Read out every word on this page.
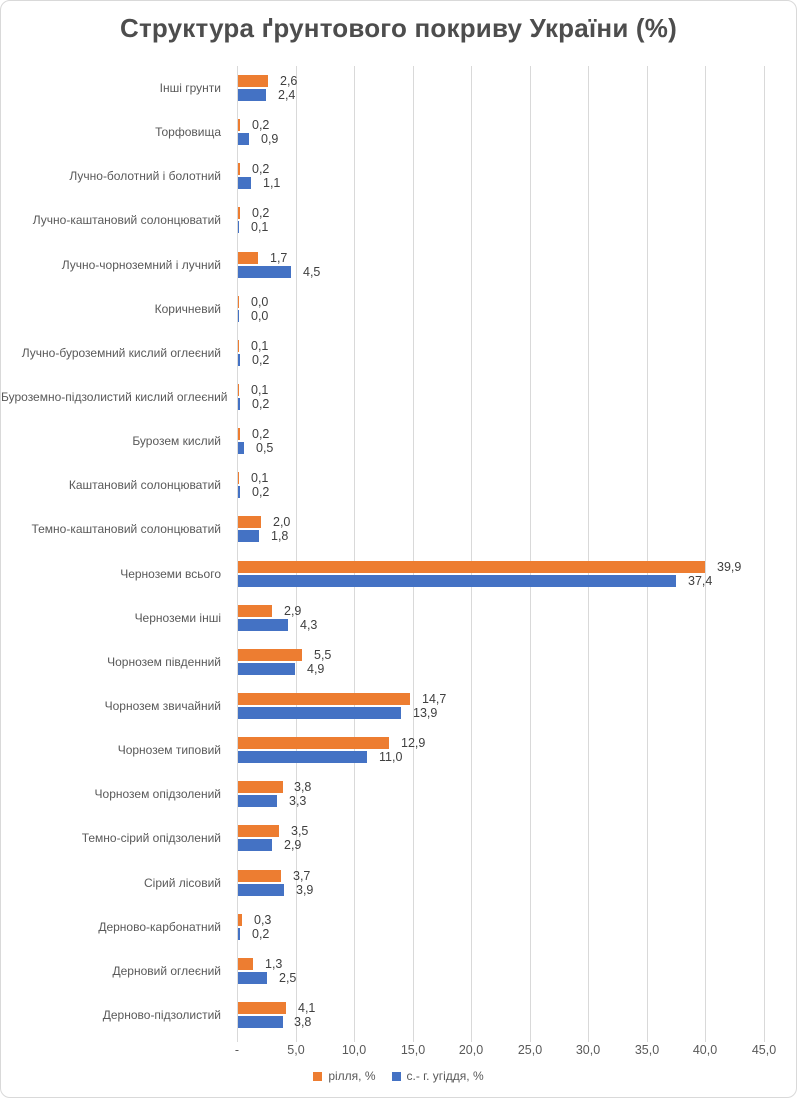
Структура ґрунтового покриву України (%)
2,6
2,4
0,2
0,9
0,2
1,1
0,2
0,1
1,7
4,5
0,0
0,0
0,1
0,2
0,1
0,2
0,2
0,5
0,1
0,2
2,0
1,8
39,9
37,4
2,9
4,3
5,5
4,9
14,7
13,9
12,9
11,0
3,8
3,3
3,5
2,9
3,7
3,9
0,3
0,2
1,3
2,5
4,1
3,8
рілля, %	с.- г. угіддя, %
-	5,0	10,0	15,0	20,0	25,0	30,0	35,0	40,0	45,0
Інші грунти
Торфовища
Лучно-болотний і болотний
Лучно-каштановий солонцюватий
Лучно-чорноземний і лучний
Коричневий
Лучно-буроземний кислий оглеєний
Буроземно-підзолистий кислий оглеєний
Бурозем кислий
Каштановий солонцюватий
Темно-каштановий солонцюватий
Черноземи всього
Черноземи інші
Чорнозем південний
Чорнозем звичайний
Чорнозем типовий
Чорнозем опідзолений
Темно-сірий опідзолений
Сірий лісовий
Дерново-карбонатний
Дерновий оглеєний
Дерново-підзолистий
